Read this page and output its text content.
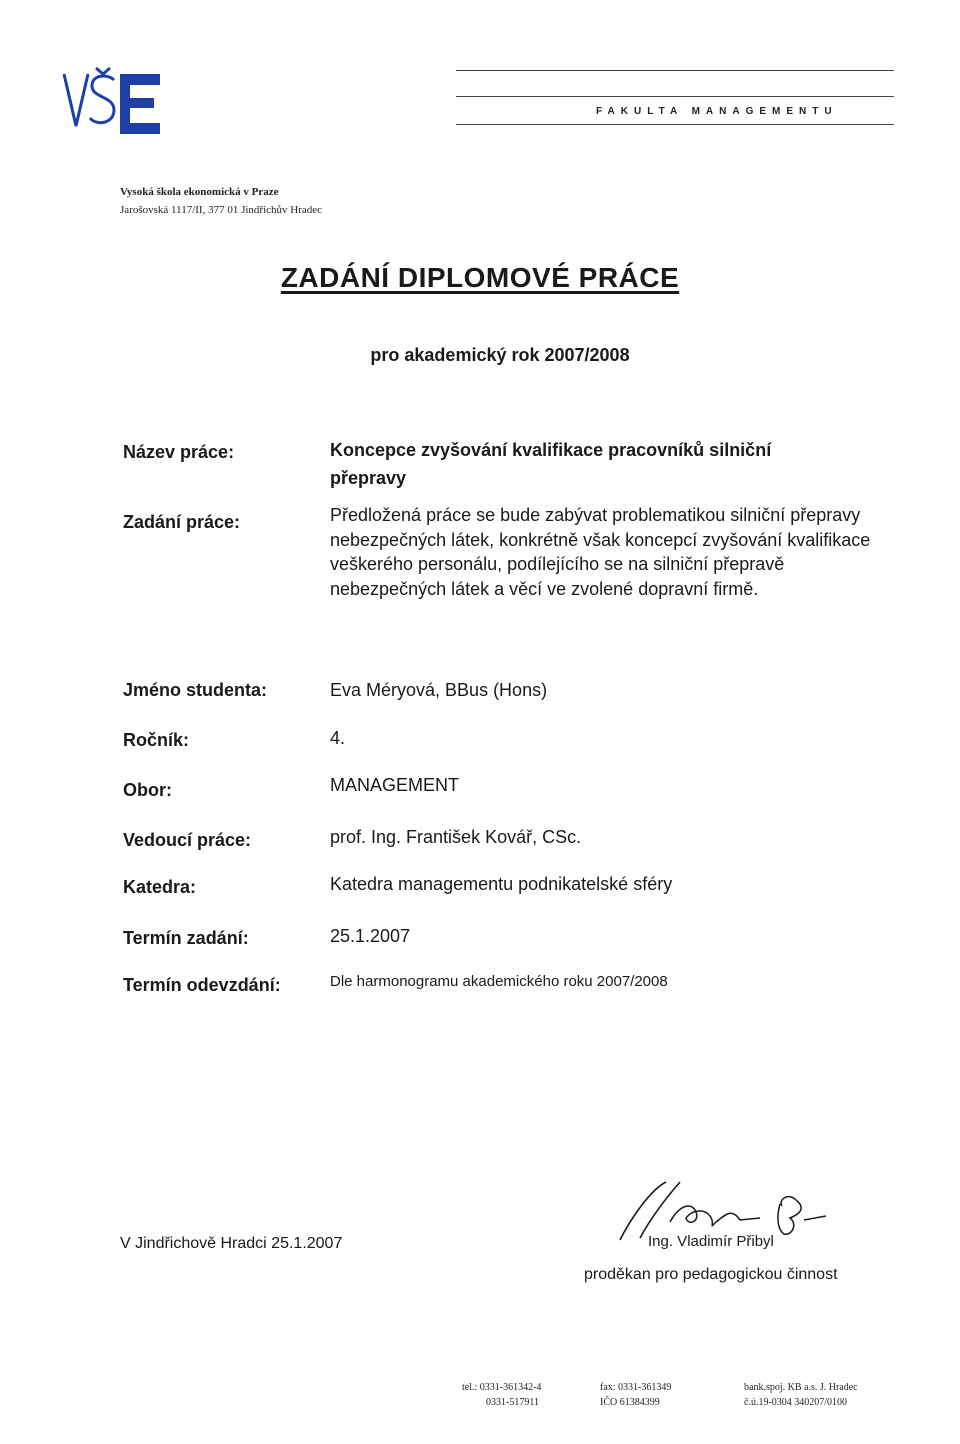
FAKULTA MANAGEMENTU
Vysoká škola ekonomická v Praze
Jarošovská 1117/II, 377 01 Jindřichův Hradec
ZADÁNÍ DIPLOMOVÉ PRÁCE
pro akademický rok 2007/2008
Název práce:	Koncepce zvyšování kvalifikace pracovníků silniční přepravy
Zadání práce:	Předložená práce se bude zabývat problematikou silniční přepravy nebezpečných látek, konkrétně však koncepcí zvyšování kvalifikace veškerého personálu, podílejícího se na silniční přepravě nebezpečných látek a věcí ve zvolené dopravní firmě.
Jméno studenta:	Eva Méryová, BBus (Hons)
Ročník:	4.
Obor:	MANAGEMENT
Vedoucí práce:	prof. Ing. František Kovář, CSc.
Katedra:	Katedra managementu podnikatelské sféry
Termín zadání:	25.1.2007
Termín odevzdání:	Dle harmonogramu akademického roku 2007/2008
V Jindřichově Hradci 25.1.2007	Ing. Vladimír Přibyl
proděkan pro pedagogickou činnost
tel.: 0331-361342-4
0331-517911
fax: 0331-361349
IČO 61384399
bank.spoj. KB a.s. J. Hradec
č.ú.19-0304 340207/0100
